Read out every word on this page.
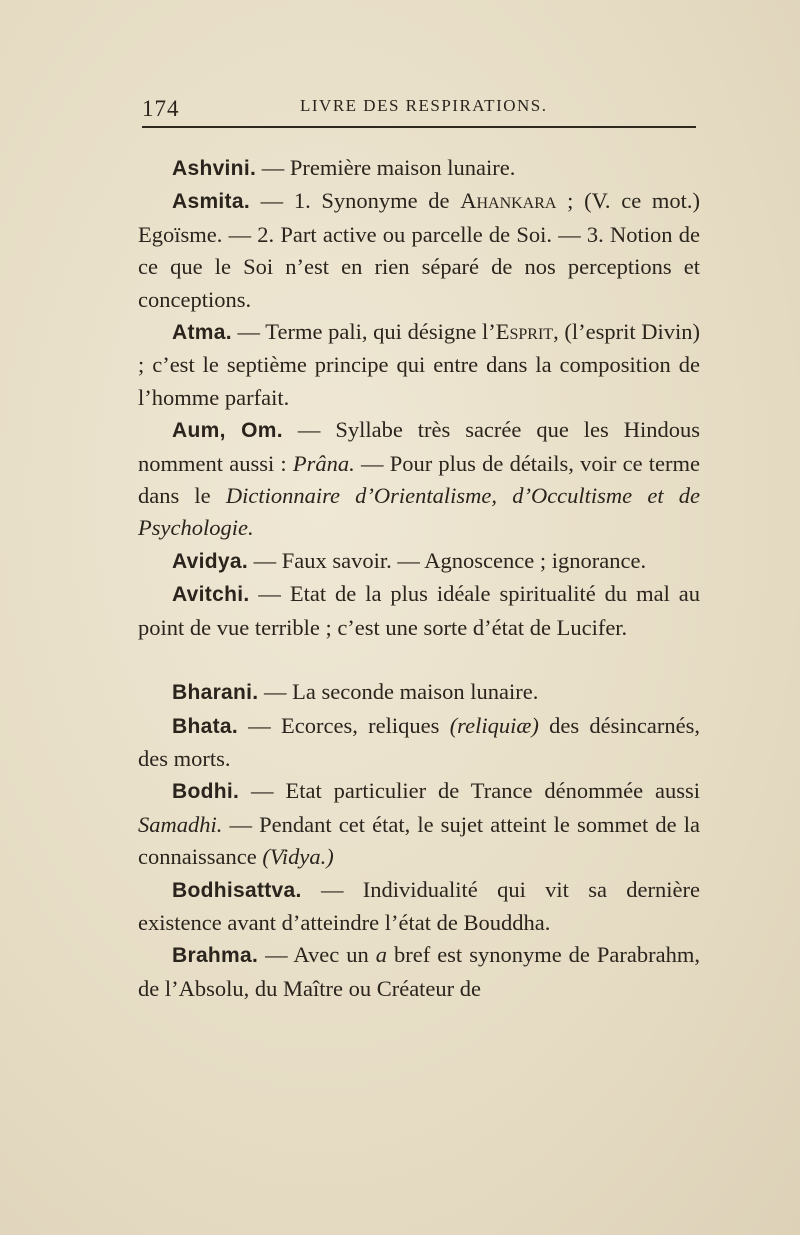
174	LIVRE DES RESPIRATIONS.

Ashvini. — Première maison lunaire.

Asmita. — 1. Synonyme de Ahankara ; (V. ce mot.) Egoïsme. — 2. Part active ou parcelle de Soi. — 3. Notion de ce que le Soi n’est en rien séparé de nos perceptions et conceptions.

Atma. — Terme pali, qui désigne l’Esprit, (l’esprit Divin) ; c’est le septième principe qui entre dans la composition de l’homme parfait.

Aum, Om. — Syllabe très sacrée que les Hindous nomment aussi : Prâna. — Pour plus de détails, voir ce terme dans le Dictionnaire d’Orientalisme, d’Occultisme et de Psychologie.

Avidya. — Faux savoir. — Agnoscence ; ignorance.

Avitchi. — Etat de la plus idéale spiritualité du mal au point de vue terrible ; c’est une sorte d’état de Lucifer.

Bharani. — La seconde maison lunaire.

Bhata. — Ecorces, reliques (reliquiæ) des désincarnés, des morts.

Bodhi. — Etat particulier de Trance dénommée aussi Samadhi. — Pendant cet état, le sujet atteint le sommet de la connaissance (Vidya.)

Bodhisattva. — Individualité qui vit sa dernière existence avant d’atteindre l’état de Bouddha.

Brahma. — Avec un a bref est synonyme de Parabrahm, de l’Absolu, du Maître ou Créateur de
